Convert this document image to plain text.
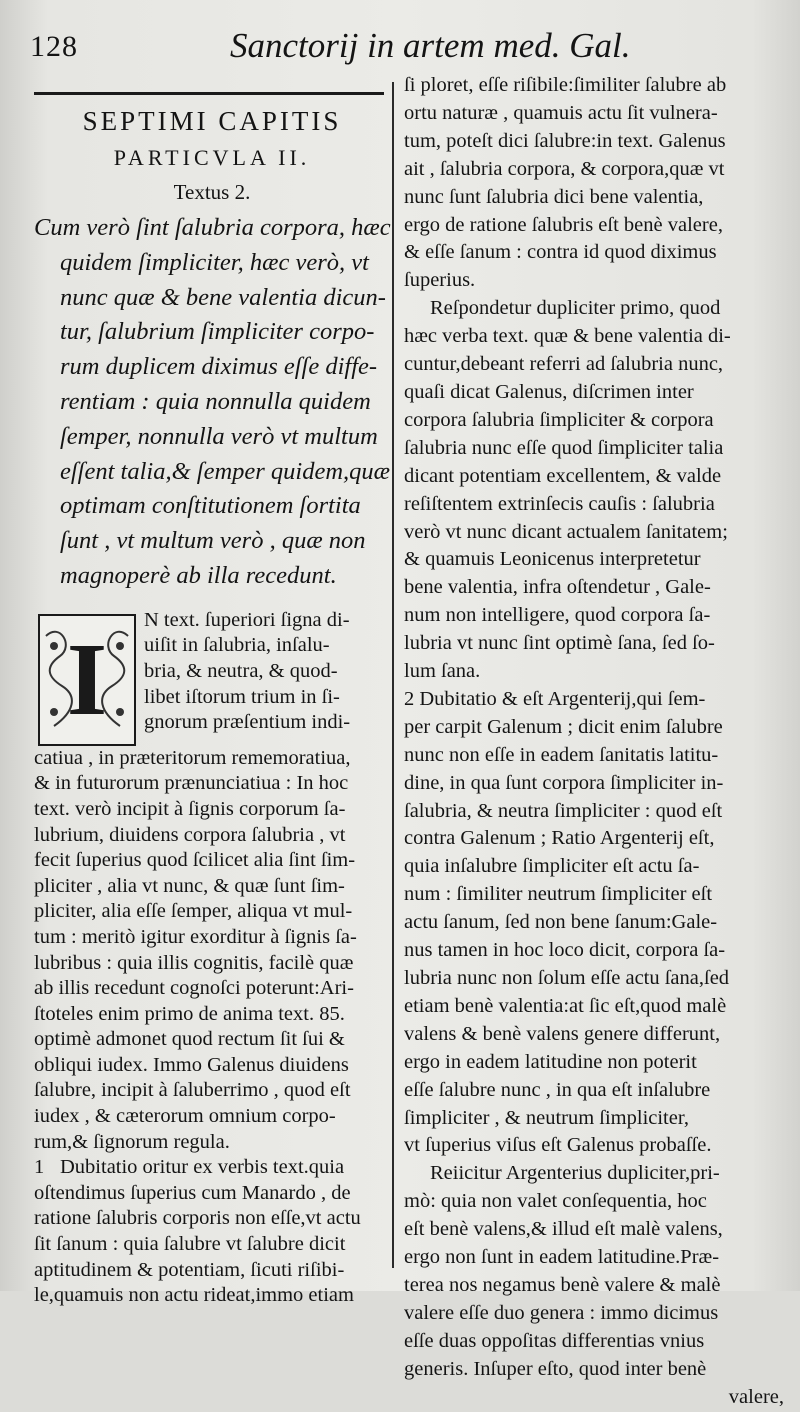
128	Sanctorij in artem med. Gal.
SEPTIMI CAPITIS
PARTICVLA II.
Textus 2.
Cum verò ſint ſalubria corpora, hæc
quidem ſimpliciter, hæc verò, vt
nunc quæ & bene valentia dicun-
tur, ſalubrium ſimpliciter corpo-
rum duplicem diximus eſſe diffe-
rentiam : quia nonnulla quidem
ſemper, nonnulla verò vt multum
eſſent talia,& ſemper quidem,quæ
optimam conſtitutionem ſortita
ſunt , vt multum verò , quæ non
magnoperè ab illa recedunt.
I
N text. ſuperiori ſigna di-
uiſit in ſalubria, inſalu-
bria, & neutra, & quod-
libet iſtorum trium in ſi-
gnorum præſentium indi-
catiua , in præteritorum rememoratiua,
& in futurorum prænunciatiua : In hoc
text. verò incipit à ſignis corporum ſa-
lubrium, diuidens corpora ſalubria , vt
fecit ſuperius quod ſcilicet alia ſint ſim-
pliciter , alia vt nunc, & quæ ſunt ſim-
pliciter, alia eſſe ſemper, aliqua vt mul-
tum : meritò igitur exorditur à ſignis ſa-
lubribus : quia illis cognitis, facilè quæ
ab illis recedunt cognoſci poterunt:Ari-
ſtoteles enim primo de anima text. 85.
optimè admonet quod rectum ſit ſui &
obliqui iudex. Immo Galenus diuidens
ſalubre, incipit à ſaluberrimo , quod eſt
iudex , & cæterorum omnium corpo-
rum,& ſignorum regula.
1 Dubitatio oritur ex verbis text.quia
oſtendimus ſuperius cum Manardo , de
ratione ſalubris corporis non eſſe,vt actu
ſit ſanum : quia ſalubre vt ſalubre dicit
aptitudinem & potentiam, ſicuti riſibi-
le,quamuis non actu rideat,immo etiam
ſi ploret, eſſe riſibile:ſimiliter ſalubre ab
ortu naturæ , quamuis actu ſit vulnera-
tum, poteſt dici ſalubre:in text. Galenus
ait , ſalubria corpora, & corpora,quæ vt
nunc ſunt ſalubria dici bene valentia,
ergo de ratione ſalubris eſt benè valere,
& eſſe ſanum : contra id quod diximus
ſuperius.
Reſpondetur dupliciter primo, quod
hæc verba text. quæ & bene valentia di-
cuntur,debeant referri ad ſalubria nunc,
quaſi dicat Galenus, diſcrimen inter
corpora ſalubria ſimpliciter & corpora
ſalubria nunc eſſe quod ſimpliciter talia
dicant potentiam excellentem, & valde
reſiſtentem extrinſecis cauſis : ſalubria
verò vt nunc dicant actualem ſanitatem;
& quamuis Leonicenus interpretetur
bene valentia, infra oſtendetur , Gale-
num non intelligere, quod corpora ſa-
lubria vt nunc ſint optimè ſana, ſed ſo-
lum ſana.
2 Dubitatio & eſt Argenterij,qui ſem-
per carpit Galenum ; dicit enim ſalubre
nunc non eſſe in eadem ſanitatis latitu-
dine, in qua ſunt corpora ſimpliciter in-
ſalubria, & neutra ſimpliciter : quod eſt
contra Galenum ; Ratio Argenterij eſt,
quia inſalubre ſimpliciter eſt actu ſa-
num : ſimiliter neutrum ſimpliciter eſt
actu ſanum, ſed non bene ſanum:Gale-
nus tamen in hoc loco dicit, corpora ſa-
lubria nunc non ſolum eſſe actu ſana,ſed
etiam benè valentia:at ſic eſt,quod malè
valens & benè valens genere differunt,
ergo in eadem latitudine non poterit
eſſe ſalubre nunc , in qua eſt inſalubre
ſimpliciter , & neutrum ſimpliciter,
vt ſuperius viſus eſt Galenus probaſſe.
Reiicitur Argenterius dupliciter,pri-
mò: quia non valet conſequentia, hoc
eſt benè valens,& illud eſt malè valens,
ergo non ſunt in eadem latitudine.Præ-
terea nos negamus benè valere & malè
valere eſſe duo genera : immo dicimus
eſſe duas oppoſitas differentias vnius
generis. Inſuper eſto, quod inter benè
valere,
